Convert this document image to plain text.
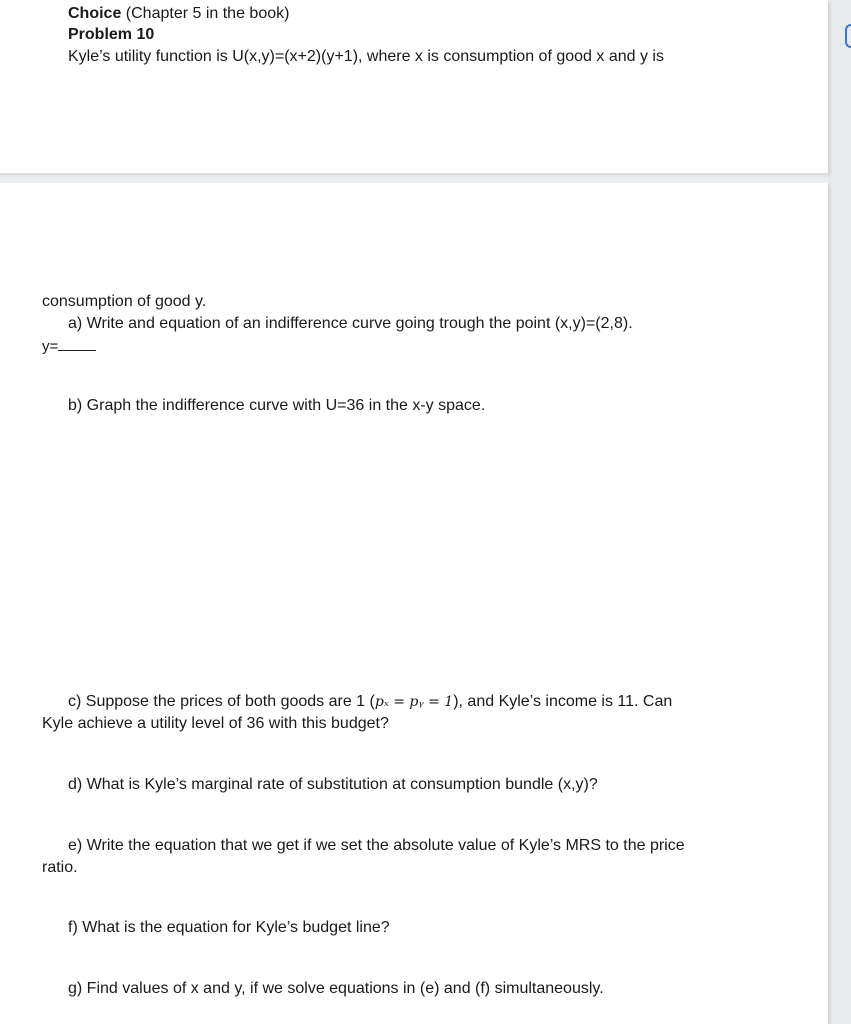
Choice (Chapter 5 in the book)
Problem 10
Kyle’s utility function is U(x,y)=(x+2)(y+1), where x is consumption of good x and y is
consumption of good y.
a) Write and equation of an indifference curve going trough the point (x,y)=(2,8).
y=
b) Graph the indifference curve with U=36 in the x-y space.
c) Suppose the prices of both goods are 1 (pₓ = pᵧ = 1), and Kyle’s income is 11. Can
Kyle achieve a utility level of 36 with this budget?
d) What is Kyle’s marginal rate of substitution at consumption bundle (x,y)?
e) Write the equation that we get if we set the absolute value of Kyle’s MRS to the price
ratio.
f) What is the equation for Kyle’s budget line?
g) Find values of x and y, if we solve equations in (e) and (f) simultaneously.
